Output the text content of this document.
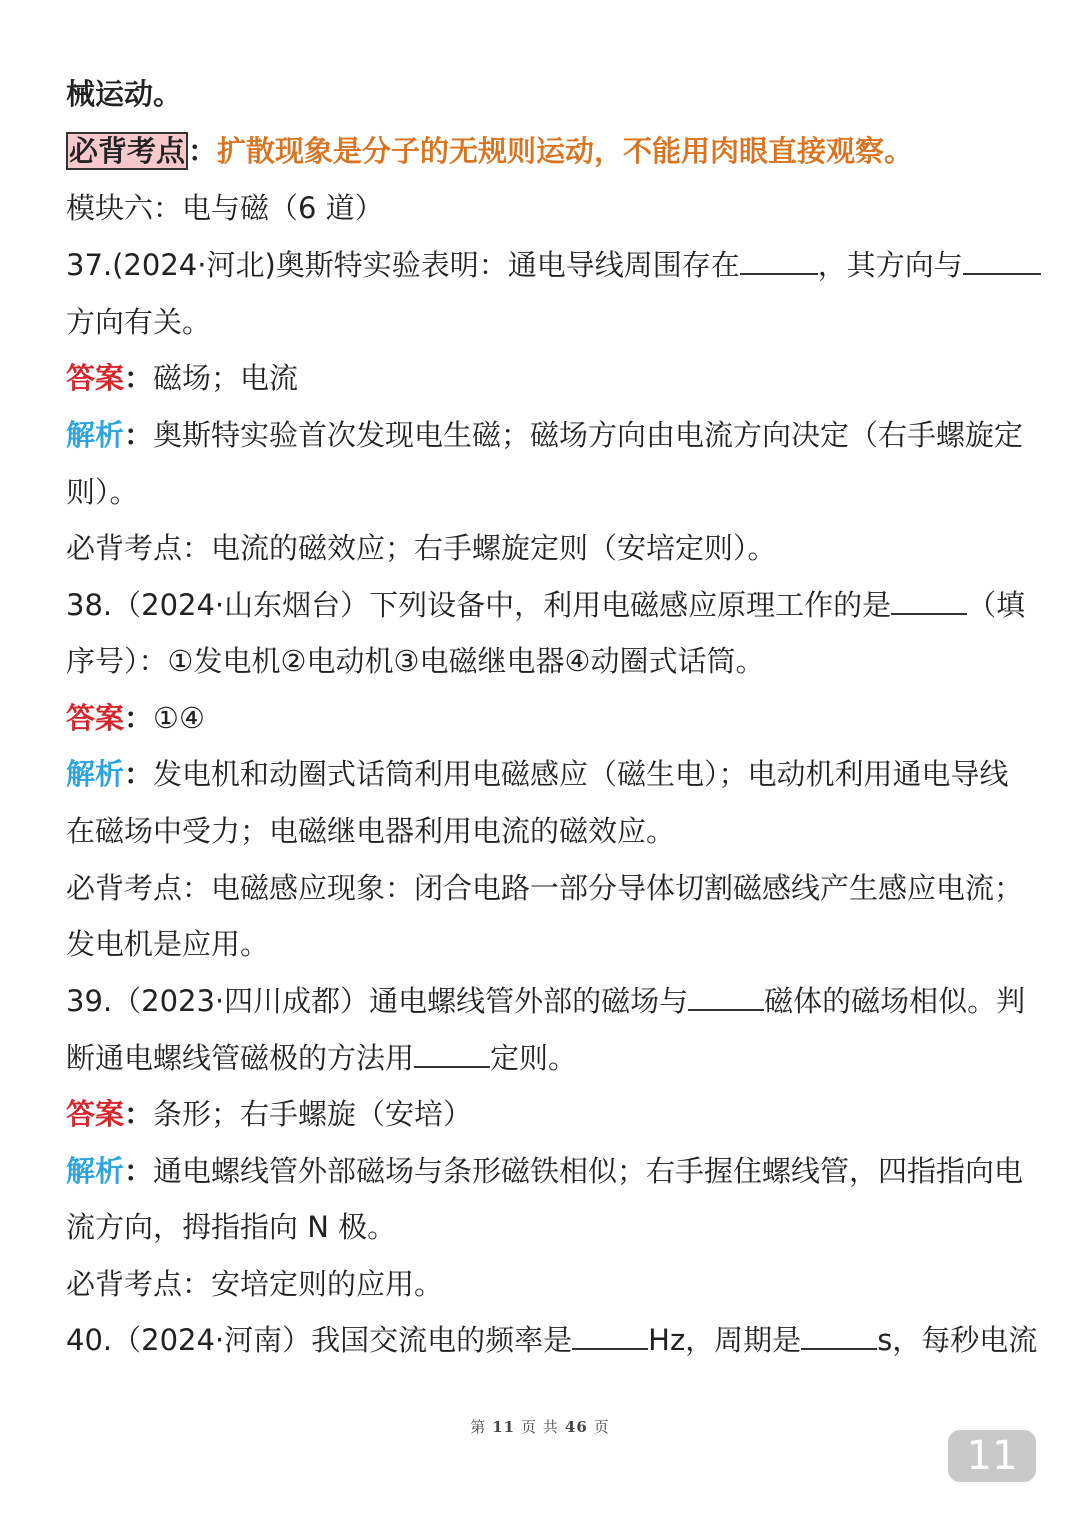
械运动。
必背考点 ：扩散现象是分子的无规则运动，不能用肉眼直接观察。
模块六：电与磁（6 道）
37.(2024·河北)奥斯特实验表明：通电导线周围存在	，其方向与
方向有关。
答案：磁场；电流
解析：奥斯特实验首次发现电生磁；磁场方向由电流方向决定（右手螺旋定
则）。
必背考点：电流的磁效应；右手螺旋定则（安培定则）。
38.（2024·山东烟台）下列设备中，利用电磁感应原理工作的是	（填
序号）：①发电机②电动机③电磁继电器④动圈式话筒。
答案：①④
解析：发电机和动圈式话筒利用电磁感应（磁生电）；电动机利用通电导线
在磁场中受力；电磁继电器利用电流的磁效应。
必背考点：电磁感应现象：闭合电路一部分导体切割磁感线产生感应电流；
发电机是应用。
39.（2023·四川成都）通电螺线管外部的磁场与	磁体的磁场相似。判
断通电螺线管磁极的方法用	定则。
答案：条形；右手螺旋（安培）
解析：通电螺线管外部磁场与条形磁铁相似；右手握住螺线管，四指指向电
流方向，拇指指向 N 极。
必背考点：安培定则的应用。
40.（2024·河南）我国交流电的频率是	Hz，周期是	s，每秒电流
第 11 页 共 46 页
11
